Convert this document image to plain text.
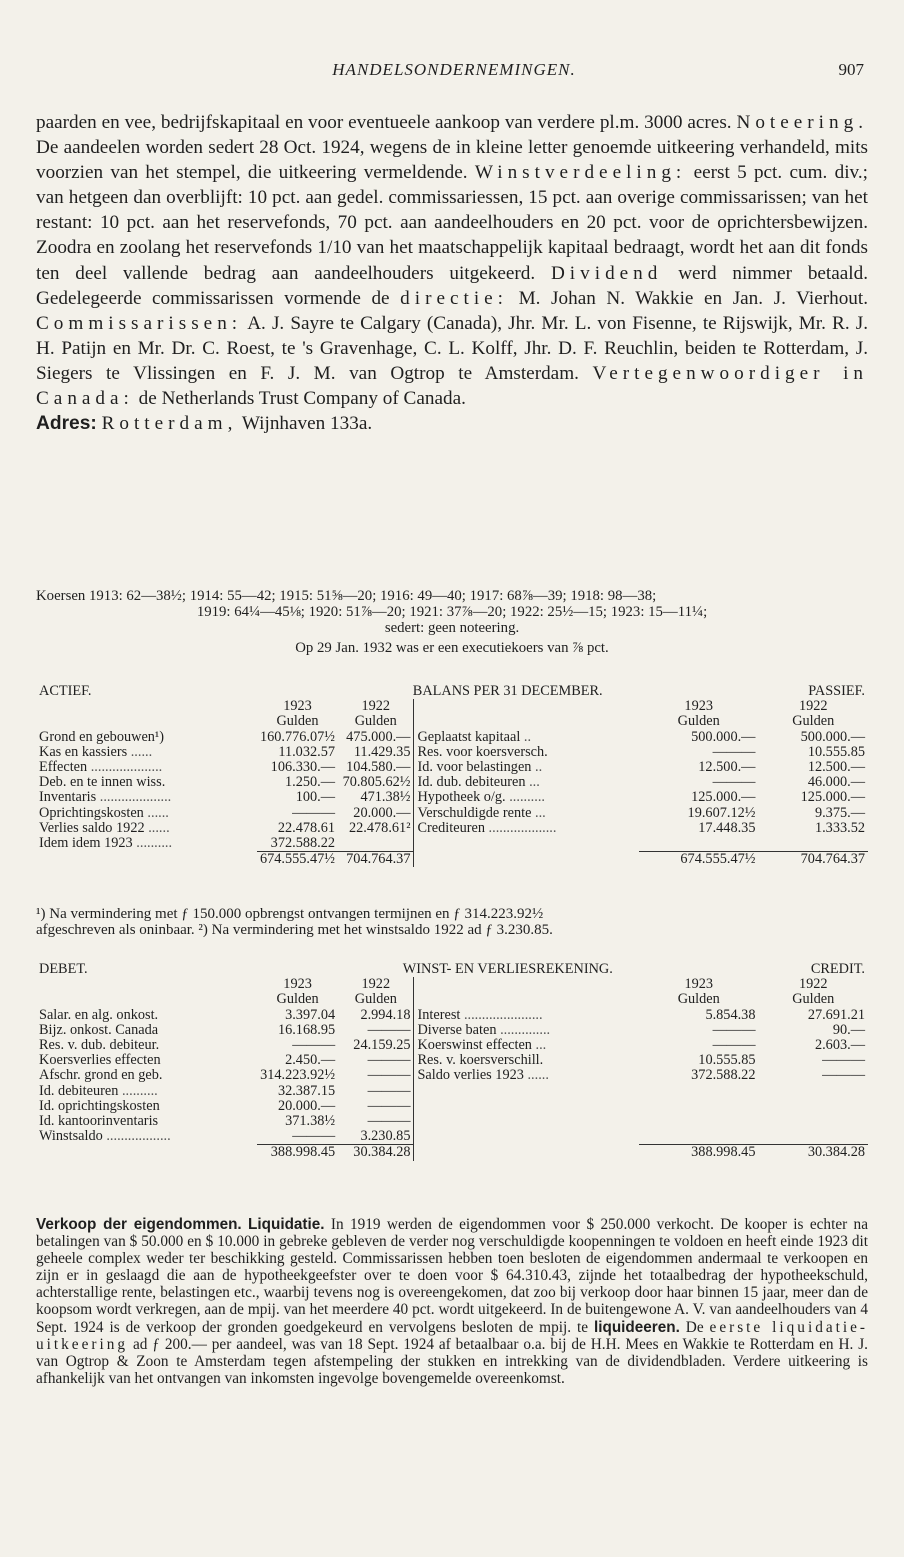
HANDELSONDERNEMINGEN.	907
paarden en vee, bedrijfskapitaal en voor eventueele aankoop van verdere pl.m. 3000 acres. Noteering. De aandeelen worden sedert 28 Oct. 1924, wegens de in kleine letter genoemde uitkeering verhandeld, mits voorzien van het stempel, die uitkeering vermeldende. Winstverdeeling: eerst 5 pct. cum. div.; van hetgeen dan overblijft: 10 pct. aan gedel. commissariessen, 15 pct. aan overige commissarissen; van het restant: 10 pct. aan het reservefonds, 70 pct. aan aandeelhouders en 20 pct. voor de oprichtersbewijzen. Zoodra en zoolang het reservefonds 1/10 van het maatschappelijk kapitaal bedraagt, wordt het aan dit fonds ten deel vallende bedrag aan aandeelhouders uitgekeerd. Dividend werd nimmer betaald. Gedelegeerde commissarissen vormende de directie: M. Johan N. Wakkie en Jan. J. Vierhout. Commissarissen: A. J. Sayre te Calgary (Canada), Jhr. Mr. L. von Fisenne, te Rijswijk, Mr. R. J. H. Patijn en Mr. Dr. C. Roest, te 's Gravenhage, C. L. Kolff, Jhr. D. F. Reuchlin, beiden te Rotterdam, J. Siegers te Vlissingen en F. J. M. van Ogtrop te Amsterdam. Vertegenwoordiger in Canada: de Netherlands Trust Company of Canada.
Adres: Rotterdam, Wijnhaven 133a.
Koersen 1913: 62—38½; 1914: 55—42; 1915: 51⅝—20; 1916: 49—40; 1917: 68⅞—39; 1918: 98—38;
1919: 64¼—45⅛; 1920: 51⅞—20; 1921: 37⅞—20; 1922: 25½—15; 1923: 15—11¼;
sedert: geen noteering.
Op 29 Jan. 1932 was er een executiekoers van ⅞ pct.
ACTIEF.	BALANS PER 31 DECEMBER.				PASSIEF.
	1923	1922		1923	1922
	Gulden	Gulden		Gulden	Gulden
Grond en gebouwen¹)	160.776.07½	475.000.—	Geplaatst kapitaal ..	500.000.—	500.000.—
Kas en kassiers ......	11.032.57	11.429.35	Res. voor koersversch.	———	10.555.85
Effecten ....................	106.330.—	104.580.—	Id. voor belastingen ..	12.500.—	12.500.—
Deb. en te innen wiss.	1.250.—	70.805.62½	Id. dub. debiteuren ...	———	46.000.—
Inventaris ....................	100.—	471.38½	Hypotheek o/g. ..........	125.000.—	125.000.—
Oprichtingskosten ......	———	20.000.—	Verschuldigde rente ...	19.607.12½	9.375.—
Verlies saldo 1922 ......	22.478.61	22.478.61²	Crediteuren ...................	17.448.35	1.333.52
Idem idem 1923 ..........	372.588.22				
	674.555.47½	704.764.37		674.555.47½	704.764.37
¹) Na vermindering met ƒ 150.000 opbrengst ontvangen termijnen en ƒ 314.223.92½
afgeschreven als oninbaar. ²) Na vermindering met het winstsaldo 1922 ad ƒ 3.230.85.
DEBET.	WINST- EN VERLIESREKENING.				CREDIT.
	1923	1922		1923	1922
	Gulden	Gulden		Gulden	Gulden
Salar. en alg. onkost.	3.397.04	2.994.18	Interest ......................	5.854.38	27.691.21
Bijz. onkost. Canada	16.168.95	———	Diverse baten ..............	———	90.—
Res. v. dub. debiteur.	———	24.159.25	Koerswinst effecten ...	———	2.603.—
Koersverlies effecten	2.450.—	———	Res. v. koersverschill.	10.555.85	———
Afschr. grond en geb.	314.223.92½	———	Saldo verlies 1923 ......	372.588.22	———
Id. debiteuren ..........	32.387.15	———			
Id. oprichtingskosten	20.000.—	———			
Id. kantoorinventaris	371.38½	———			
Winstsaldo ..................	———	3.230.85			
	388.998.45	30.384.28		388.998.45	30.384.28
Verkoop der eigendommen. Liquidatie. In 1919 werden de eigendommen voor $ 250.000 verkocht. De kooper is echter na betalingen van $ 50.000 en $ 10.000 in gebreke gebleven de verder nog verschuldigde koopenningen te voldoen en heeft einde 1923 dit geheele complex weder ter beschikking gesteld. Commissarissen hebben toen besloten de eigendommen andermaal te verkoopen en zijn er in geslaagd die aan de hypotheekgeefster over te doen voor $ 64.310.43, zijnde het totaalbedrag der hypotheekschuld, achterstallige rente, belastingen etc., waarbij tevens nog is overeengekomen, dat zoo bij verkoop door haar binnen 15 jaar, meer dan de koopsom wordt verkregen, aan de mpij. van het meerdere 40 pct. wordt uitgekeerd. In de buitengewone A. V. van aandeelhouders van 4 Sept. 1924 is de verkoop der gronden goedgekeurd en vervolgens besloten de mpij. te liquideeren. De eerste liquidatie-uitkeering ad ƒ 200.— per aandeel, was van 18 Sept. 1924 af betaalbaar o.a. bij de H.H. Mees en Wakkie te Rotterdam en H. J. van Ogtrop & Zoon te Amsterdam tegen afstempeling der stukken en intrekking van de dividendbladen. Verdere uitkeering is afhankelijk van het ontvangen van inkomsten ingevolge bovengemelde overeenkomst.
